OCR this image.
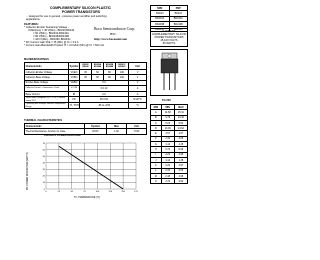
COMPLEMENTARY SILICON PLASTIC
POWER TRANSISTORS
... designed for use in general - purpose power amplifier and switching
applications.
FEATURES:
* Collector-Emitter Sustaining Voltage -
VCEO(sus) = 45 V(Min) - BD243,BD244
= 60 V(Min) - BD243A,BD244A
= 80 V(Min) - BD243B,BD244B
= 100 V(Min) - BD243C,BD244C
* DC Current Gain hFE = 15 (Min) @ IC = 3.0 A
* Current Gain-Bandwidth Product fT = 3.0 MHz (Min) @ IC = 500 mA
Boca Semiconductor Corp.
BSC
http://www.bocasemi.com
NPN	PNP
BD243	BD244
BD243A	BD244A
BD243B	BD244B
BD243C	BD244C
6 AMPERE
COMPLEMENTARY SILICON
POWER TRANSISTORS
45-100 VOLTS
65 WATTS
TO-220
DIM	MIN	MAX
A	14.68	15.31
B	9.78	10.42
C	5.01	6.52
D	13.06	14.62
E	3.57	4.07
F	2.42	3.66
G	1.12	1.36
H	0.72	0.96
I	4.22	4.98
J	1.14	1.38
K	2.20	2.97
L	0.33	0.55
M	2.48	2.98
O	3.70	3.90
MAXIMUM RATINGS
Characteristic	Symbol	BD243 BD244	BD243A BD244A	BD243B BD244B	BD243C BD244C	Unit
Collector-Emitter Voltage	VCEO	45	60	80	100	V
Collector-Base Voltage	VCBO	45	60	80	100	V
Emitter-Base Voltage	VEBO	5.0				V
Collector Current - Continuous - Peak	IC ICM	6.0 10				A
Base Current	IB	2.0				A
Total Power Dissipation @TC = 25°C Derate above 25°C	PD	65 0.52				W W/°C
Operating and Storage Junction Temperature Range	TJ, TSTG	-65 to +150				°C
THERMAL CHARACTERISTICS
Characteristic	Symbol	Max	Unit
Thermal Resistance Junction to Case	RθJC	1.92	°C/W
FIGURE-1 POWER DERATING
0	25	50	75	100	125	150	175
0
10
20
30
40
50
60
70
PD, POWER DISSIPATION (WATTS)
TC, TEMPERATURE (°C)
